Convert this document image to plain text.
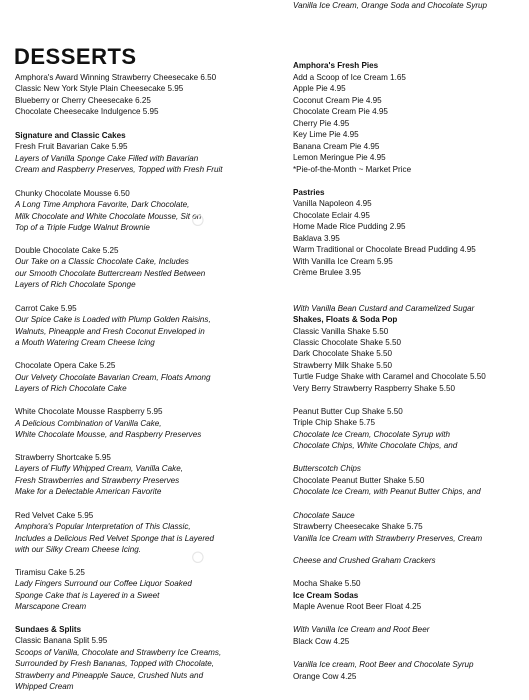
DESSERTS
Amphora's Award Winning Strawberry Cheesecake 6.50
Classic New York Style Plain Cheesecake 5.95
Blueberry or Cherry Cheesecake 6.25
Chocolate Cheesecake Indulgence 5.95
Signature and Classic Cakes
Fresh Fruit Bavarian Cake 5.95
Layers of Vanilla Sponge Cake Filled with Bavarian
Cream and Raspberry Preserves, Topped with Fresh Fruit
Chunky Chocolate Mousse 6.50
A Long Time Amphora Favorite, Dark Chocolate,
Milk Chocolate and White Chocolate Mousse, Sit on
Top of a Triple Fudge Walnut Brownie
Double Chocolate Cake 5.25
Our Take on a Classic Chocolate Cake, Includes
our Smooth Chocolate Buttercream Nestled Between
Layers of Rich Chocolate Sponge
Carrot Cake 5.95
Our Spice Cake is Loaded with Plump Golden Raisins,
Walnuts, Pineapple and Fresh Coconut Enveloped in
a Mouth Watering Cream Cheese Icing
Chocolate Opera Cake 5.25
Our Velvety Chocolate Bavarian Cream, Floats Among
Layers of Rich Chocolate Cake
White Chocolate Mousse Raspberry 5.95
A Delicious Combination of Vanilla Cake,
White Chocolate Mousse, and Raspberry Preserves
Strawberry Shortcake 5.95
Layers of Fluffy Whipped Cream, Vanilla Cake,
Fresh Strawberries and Strawberry Preserves
Make for a Delectable American Favorite
Red Velvet Cake 5.95
Amphora's Popular Interpretation of This Classic,
Includes a Delicious Red Velvet Sponge that is Layered
with our Silky Cream Cheese Icing.
Tiramisu Cake 5.25
Lady Fingers Surround our Coffee Liquor Soaked
Sponge Cake that is Layered in a Sweet
Marscapone Cream
Sundaes & Splits
Classic Banana Split 5.95
Scoops of Vanilla, Chocolate and Strawberry Ice Creams,
Surrounded by Fresh Bananas, Topped with Chocolate,
Strawberry and Pineapple Sauce, Crushed Nuts and
Whipped Cream
Amphora's Fresh Pies
Add a Scoop of Ice Cream 1.65
Apple Pie 4.95
Coconut Cream Pie 4.95
Chocolate Cream Pie 4.95
Cherry Pie 4.95
Key Lime Pie 4.95
Banana Cream Pie 4.95
Lemon Meringue Pie 4.95
*Pie-of-the-Month ~ Market Price
Pastries
Vanilla Napoleon 4.95
Chocolate Eclair 4.95
Home Made Rice Pudding 2.95
Baklava 3.95
Warm Traditional or Chocolate Bread Pudding 4.95
With Vanilla Ice Cream 5.95
Crème Brulee 3.95
With Vanilla Bean Custard and Caramelized Sugar
Shakes, Floats & Soda Pop
Classic Vanilla Shake 5.50
Classic Chocolate Shake 5.50
Dark Chocolate Shake 5.50
Strawberry Milk Shake 5.50
Turtle Fudge Shake with Caramel and Chocolate 5.50
Very Berry Strawberry Raspberry Shake 5.50
Peanut Butter Cup Shake 5.50
Triple Chip Shake 5.75
Chocolate Ice Cream, Chocolate Syrup with
Chocolate Chips, White Chocolate Chips, and
Butterscotch Chips
Chocolate Peanut Butter Shake 5.50
Chocolate Ice Cream, with Peanut Butter Chips, and
Chocolate Sauce
Strawberry Cheesecake Shake 5.75
Vanilla Ice Cream with Strawberry Preserves, Cream
Cheese and Crushed Graham Crackers
Mocha Shake 5.50
Ice Cream Sodas
Maple Avenue Root Beer Float 4.25
With Vanilla Ice Cream and Root Beer
Black Cow 4.25
Vanilla Ice cream, Root Beer and Chocolate Syrup
Orange Cow 4.25
Vanilla Ice Cream, Orange Soda and Chocolate Syrup
○
○
